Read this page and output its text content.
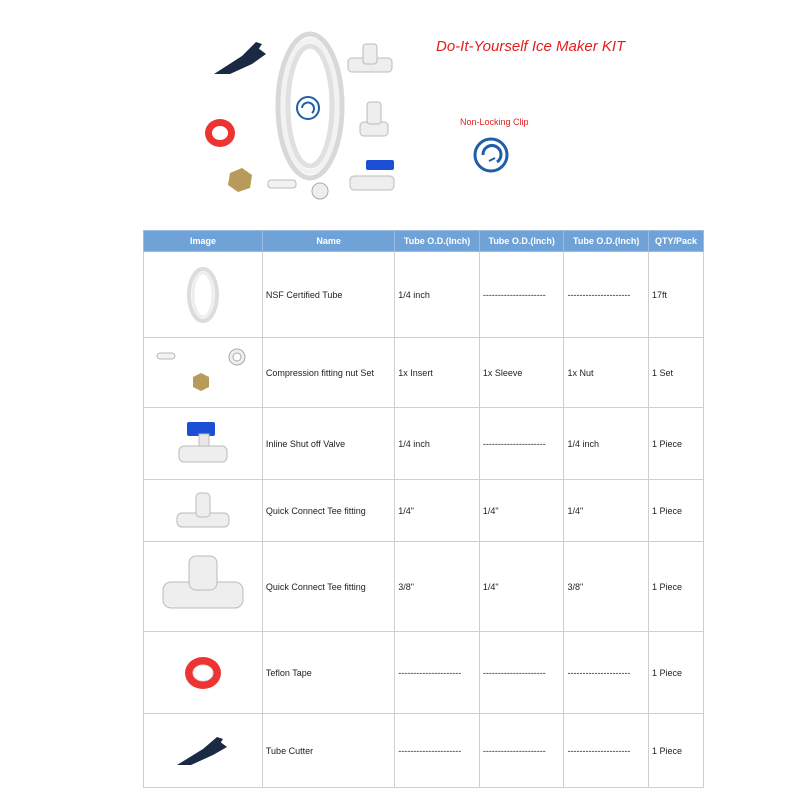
Do-It-Yourself Ice Maker KIT
Non-Locking Clip
Image	Name	Tube O.D.(Inch)	Tube O.D.(Inch)	Tube O.D.(Inch)	QTY/Pack

	NSF Certified Tube	1/4 inch	---------------------	---------------------	17ft

	Compression fitting nut Set	1x Insert	1x Sleeve	1x Nut	1 Set

	Inline Shut off Valve	1/4 inch	---------------------	1/4 inch	1 Piece

	Quick Connect Tee fitting	1/4"	1/4"	1/4"	1 Piece

	Quick Connect Tee fitting	3/8"	1/4"	3/8"	1 Piece

	Teflon Tape	---------------------	---------------------	---------------------	1 Piece

	Tube Cutter	---------------------	---------------------	---------------------	1 Piece
